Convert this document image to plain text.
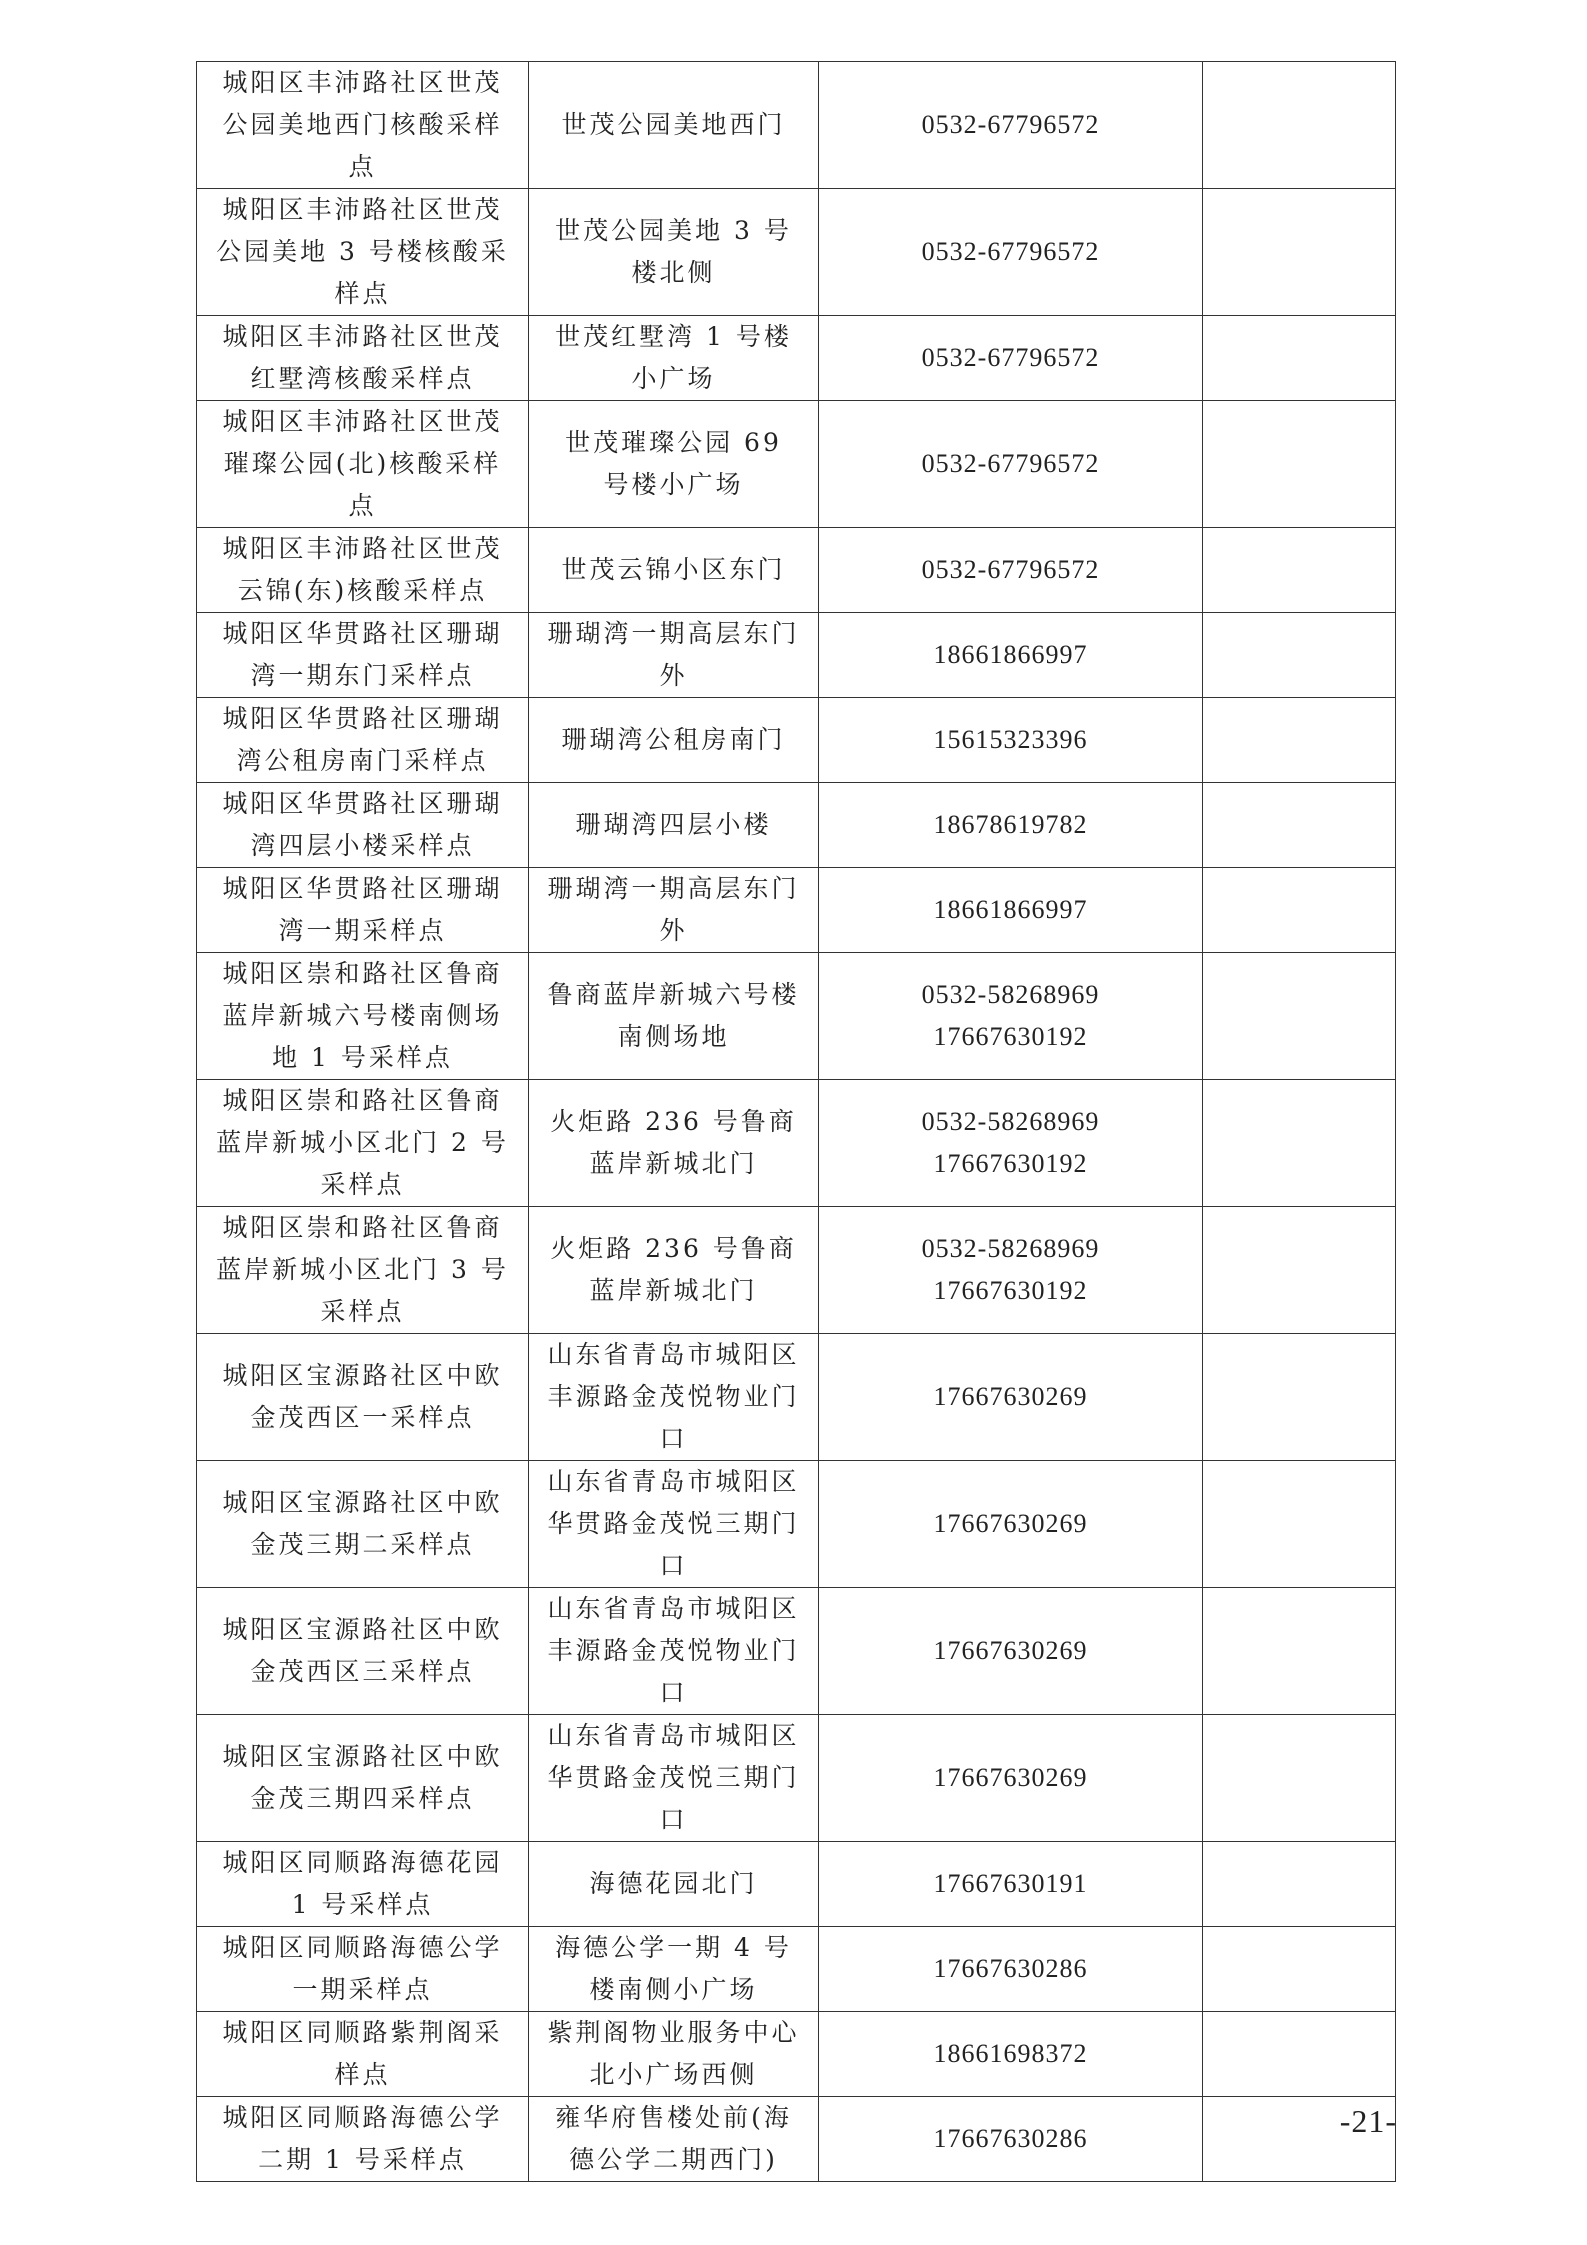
城阳区丰沛路社区世茂公园美地西门核酸采样点	世茂公园美地西门	0532-67796572	

城阳区丰沛路社区世茂公园美地 3 号楼核酸采样点	世茂公园美地 3 号楼北侧	0532-67796572	

城阳区丰沛路社区世茂红墅湾核酸采样点	世茂红墅湾 1 号楼小广场	0532-67796572	

城阳区丰沛路社区世茂璀璨公园(北)核酸采样点	世茂璀璨公园 69 号楼小广场	0532-67796572	

城阳区丰沛路社区世茂云锦(东)核酸采样点	世茂云锦小区东门	0532-67796572	

城阳区华贯路社区珊瑚湾一期东门采样点	珊瑚湾一期高层东门外	18661866997	

城阳区华贯路社区珊瑚湾公租房南门采样点	珊瑚湾公租房南门	15615323396	

城阳区华贯路社区珊瑚湾四层小楼采样点	珊瑚湾四层小楼	18678619782	

城阳区华贯路社区珊瑚湾一期采样点	珊瑚湾一期高层东门外	18661866997	

城阳区崇和路社区鲁商蓝岸新城六号楼南侧场地 1 号采样点	鲁商蓝岸新城六号楼南侧场地	0532-58268969
17667630192	

城阳区崇和路社区鲁商蓝岸新城小区北门 2 号采样点	火炬路 236 号鲁商蓝岸新城北门	0532-58268969
17667630192	

城阳区崇和路社区鲁商蓝岸新城小区北门 3 号采样点	火炬路 236 号鲁商蓝岸新城北门	0532-58268969
17667630192	

城阳区宝源路社区中欧金茂西区一采样点	山东省青岛市城阳区丰源路金茂悦物业门口	17667630269	

城阳区宝源路社区中欧金茂三期二采样点	山东省青岛市城阳区华贯路金茂悦三期门口	17667630269	

城阳区宝源路社区中欧金茂西区三采样点	山东省青岛市城阳区丰源路金茂悦物业门口	17667630269	

城阳区宝源路社区中欧金茂三期四采样点	山东省青岛市城阳区华贯路金茂悦三期门口	17667630269	

城阳区同顺路海德花园 1 号采样点	海德花园北门	17667630191	

城阳区同顺路海德公学一期采样点	海德公学一期 4 号楼南侧小广场	17667630286	

城阳区同顺路紫荆阁采样点	紫荆阁物业服务中心北小广场西侧	18661698372	

城阳区同顺路海德公学二期 1 号采样点	雍华府售楼处前(海德公学二期西门)	17667630286	
		-21-
